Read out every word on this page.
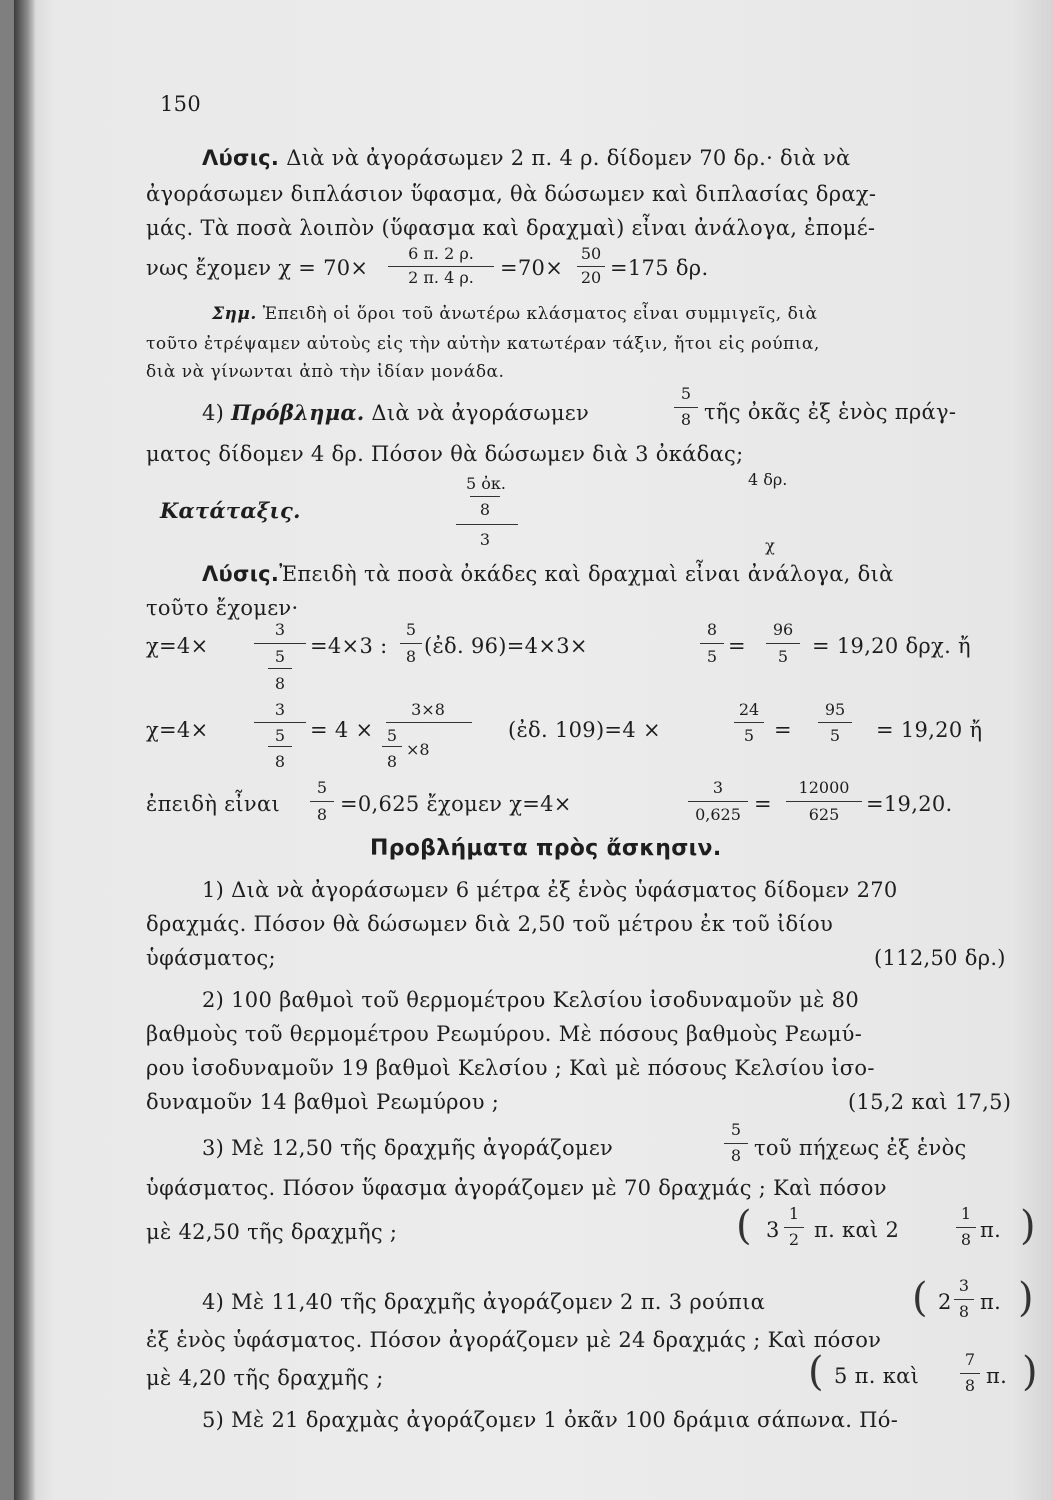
150
Λύσις. Διὰ νὰ ἀγοράσωμεν 2 π. 4 ρ. δίδομεν 70 δρ.· διὰ νὰ
ἀγοράσωμεν διπλάσιον ὕφασμα, θὰ δώσωμεν καὶ διπλασίας δραχ-
μάς. Τὰ ποσὰ λοιπὸν (ὕφασμα καὶ δραχμαὶ) εἶναι ἀνάλογα, ἐπομέ-
νως ἔχομεν χ = 70×
6 π. 2 ρ.
2 π. 4 ρ.	=70×
50
20 =175 δρ.
Σημ. Ἐπειδὴ οἱ ὅροι τοῦ ἀνωτέρω κλάσματος εἶναι συμμιγεῖς, διὰ
τοῦτο ἐτρέψαμεν αὐτοὺς εἰς τὴν αὐτὴν κατωτέραν τάξιν, ἤτοι εἰς ρούπια,
διὰ νὰ γίνωνται ἀπὸ τὴν ἰδίαν μονάδα.
4) Πρόβλημα. Διὰ νὰ ἀγοράσωμεν
5
8 τῆς ὀκᾶς ἐξ ἑνὸς πράγ-
ματος δίδομεν 4 δρ. Πόσον θὰ δώσωμεν διὰ 3 ὀκάδας;
Κατάταξις.
5 ὀκ.
8
4 δρ.
3	χ
Λύσις.Ἐπειδὴ τὰ ποσὰ ὀκάδες καὶ δραχμαὶ εἶναι ἀνάλογα, διὰ
τοῦτο ἔχομεν·
χ=4×
3
5
8
=4×3 :
5
8 (ἐδ. 96)=4×3×
8
5 =
96
5	= 19,20 δρχ. ἤ
χ=4×
3
5
8
= 4 ×
3×8
5
8
×8
(ἐδ. 109)=4 ×
24
5 =
95
5	= 19,20 ἤ
ἐπειδὴ εἶναι
5
8 =0,625 ἔχομεν χ=4×
3
0,625 =
12000
625	=19,20.
Προβλήματα πρὸς ἄσκησιν.
1) Διὰ νὰ ἀγοράσωμεν 6 μέτρα ἐξ ἑνὸς ὑφάσματος δίδομεν 270
δραχμάς. Πόσον θὰ δώσωμεν διὰ 2,50 τοῦ μέτρου ἐκ τοῦ ἰδίου
ὑφάσματος;	(112,50 δρ.)
2) 100 βαθμοὶ τοῦ θερμομέτρου Κελσίου ἰσοδυναμοῦν μὲ 80
βαθμοὺς τοῦ θερμομέτρου Ρεωμύρου. Μὲ πόσους βαθμοὺς Ρεωμύ-
ρου ἰσοδυναμοῦν 19 βαθμοὶ Κελσίου ; Καὶ μὲ πόσους Κελσίου ἰσο-
δυναμοῦν 14 βαθμοὶ Ρεωμύρου ;	(15,2 καὶ 17,5)
3) Μὲ 12,50 τῆς δραχμῆς ἀγοράζομεν
5
8 τοῦ πήχεως ἐξ ἑνὸς
ὑφάσματος. Πόσον ὕφασμα ἀγοράζομεν μὲ 70 δραχμάς ; Καὶ πόσον
μὲ 42,50 τῆς δραχμῆς ;	( 3
1
2 π. καὶ 2
1
8 π. )
4) Μὲ 11,40 τῆς δραχμῆς ἀγοράζομεν 2 π. 3 ρούπια	( 2
3
8 π. )
ἐξ ἑνὸς ὑφάσματος. Πόσον ἀγοράζομεν μὲ 24 δραχμάς ; Καὶ πόσον
μὲ 4,20 τῆς δραχμῆς ;	( 5 π. καὶ
7
8 π. )
5) Μὲ 21 δραχμὰς ἀγοράζομεν 1 ὀκᾶν 100 δράμια σάπωνα. Πό-
